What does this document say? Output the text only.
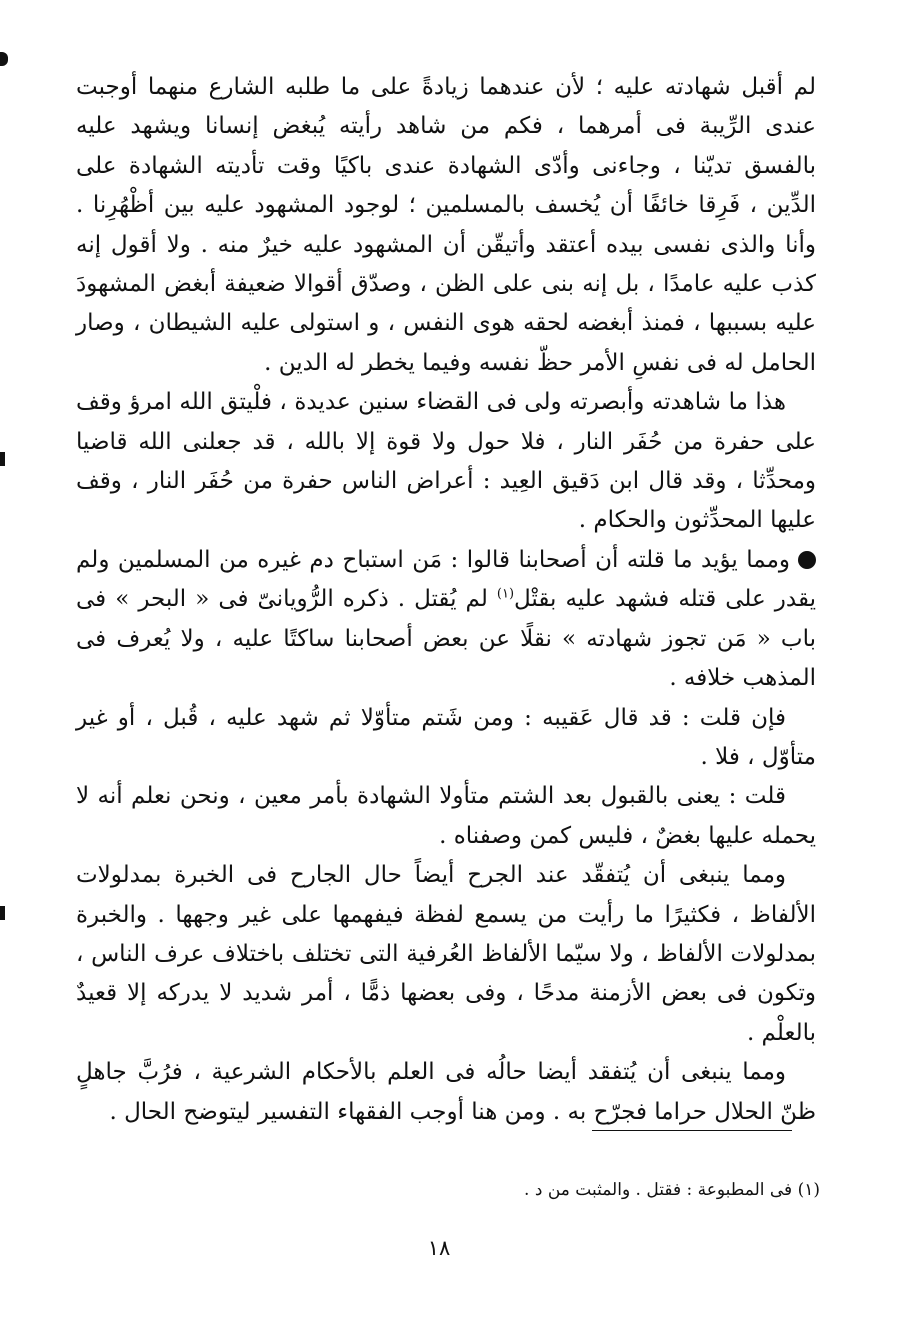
لم أقبل شهادته عليه ؛ لأن عندهما زيادةً على ما طلبه الشارع منهما أوجبت عندى الرِّيبة فى أمرهما ، فكم من شاهد رأيته يُبغض إنسانا ويشهد عليه بالفسق تديّنا ، وجاءنى وأدّى الشهادة عندى باكيًا وقت تأديته الشهادة على الدِّين ، فَرِقا خائفًا أن يُخسف بالمسلمين ؛ لوجود المشهود عليه بين أظْهُرِنا . وأنا والذى نفسى بيده أعتقد وأتيقّن أن المشهود عليه خيرٌ منه . ولا أقول إنه كذب عليه عامدًا ، بل إنه بنى على الظن ، وصدّق أقوالا ضعيفة أبغض المشهودَ عليه بسببها ، فمنذ أبغضه لحقه هوى النفس ، و استولى عليه الشيطان ، وصار الحامل له فى نفسِ الأمر حظّ نفسه وفيما يخطر له الدين .

هذا ما شاهدته وأبصرته ولى فى القضاء سنين عديدة ، فلْيتق الله امرؤ وقف على حفرة من حُفَر النار ، فلا حول ولا قوة إلا بالله ، قد جعلنى الله قاضيا ومحدِّثا ، وقد قال ابن دَقيق العِيد : أعراض الناس حفرة من حُفَر النار ، وقف عليها المحدِّثون والحكام .

ومما يؤيد ما قلته أن أصحابنا قالوا : مَن استباح دم غيره من المسلمين ولم يقدر على قتله فشهد عليه بقتْل$^{(١)}$ لم يُقتل . ذكره الرُّويانىّ فى « البحر » فى باب « مَن تجوز شهادته » نقلًا عن بعض أصحابنا ساكتًا عليه ، ولا يُعرف فى المذهب خلافه .

فإن قلت : قد قال عَقيبه : ومن شَتم متأوّلا ثم شهد عليه ، قُبل ، أو غير متأوّل ، فلا .

قلت : يعنى بالقبول بعد الشتم متأولا الشهادة بأمر معين ، ونحن نعلم أنه لا يحمله عليها بغضٌ ، فليس كمن وصفناه .

ومما ينبغى أن يُتفقّد عند الجرح أيضاً حال الجارح فى الخبرة بمدلولات الألفاظ ، فكثيرًا ما رأيت من يسمع لفظة فيفهمها على غير وجهها . والخبرة بمدلولات الألفاظ ، ولا سيّما الألفاظ العُرفية التى تختلف باختلاف عرف الناس ، وتكون فى بعض الأزمنة مدحًا ، وفى بعضها ذمًّا ، أمر شديد لا يدركه إلا قعيدٌ بالعلْم .

ومما ينبغى أن يُتفقد أيضا حالُه فى العلم بالأحكام الشرعية ، فرُبَّ جاهلٍ ظنّ الحلال حراما فجرّح به . ومن هنا أوجب الفقهاء التفسير ليتوضح الحال .

(١) فى المطبوعة : فقتل . والمثبت من د .
١٨
